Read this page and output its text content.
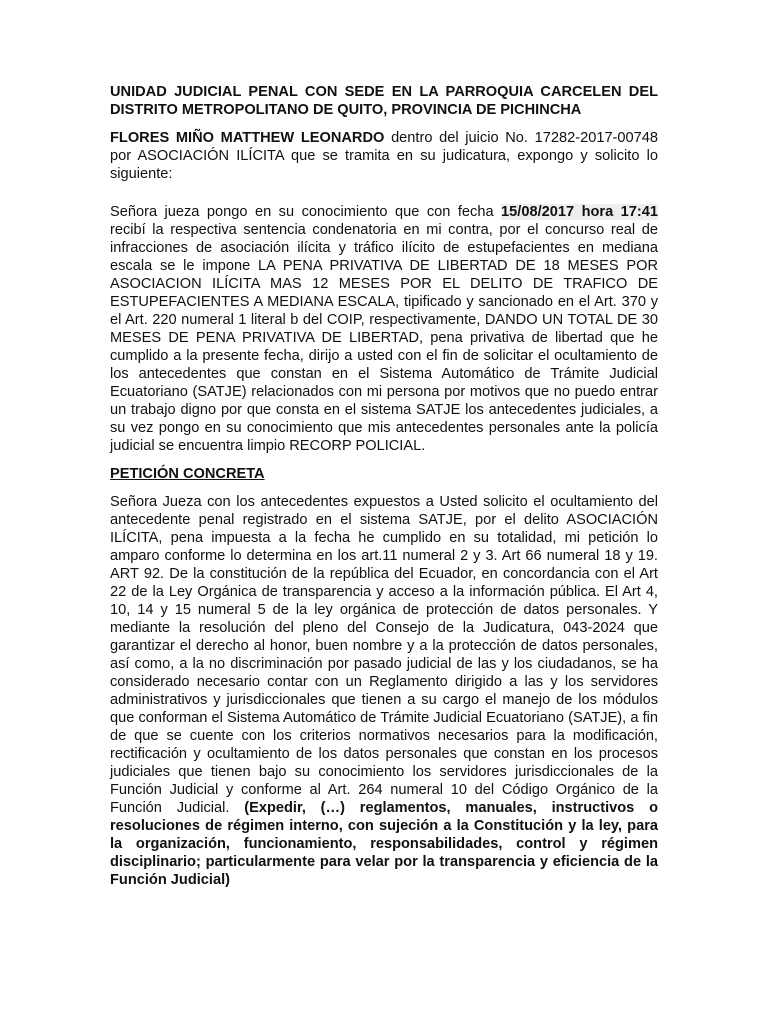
UNIDAD JUDICIAL PENAL CON SEDE EN LA PARROQUIA CARCELEN DEL DISTRITO METROPOLITANO DE QUITO, PROVINCIA DE PICHINCHA

FLORES MIÑO MATTHEW LEONARDO dentro del juicio No. 17282-2017-00748 por ASOCIACIÓN ILÍCITA que se tramita en su judicatura, expongo y solicito lo siguiente:

Señora jueza pongo en su conocimiento que con fecha 15/08/2017 hora 17:41 recibí la respectiva sentencia condenatoria en mi contra, por el concurso real de infracciones de asociación ilícita y tráfico ilícito de estupefacientes en mediana escala se le impone LA PENA PRIVATIVA DE LIBERTAD DE 18 MESES POR ASOCIACION ILÍCITA MAS 12 MESES POR EL DELITO DE TRAFICO DE ESTUPEFACIENTES A MEDIANA ESCALA, tipificado y sancionado en el Art. 370 y el Art. 220 numeral 1 literal b del COIP, respectivamente, DANDO UN TOTAL DE 30 MESES DE PENA PRIVATIVA DE LIBERTAD, pena privativa de libertad que he cumplido a la presente fecha, dirijo a usted con el fin de solicitar el ocultamiento de los antecedentes que constan en el Sistema Automático de Trámite Judicial Ecuatoriano (SATJE) relacionados con mi persona por motivos que no puedo entrar un trabajo digno por que consta en el sistema SATJE los antecedentes judiciales, a su vez pongo en su conocimiento que mis antecedentes personales ante la policía judicial se encuentra limpio RECORP POLICIAL.

PETICIÓN CONCRETA

Señora Jueza con los antecedentes expuestos a Usted solicito el ocultamiento del antecedente penal registrado en el sistema SATJE, por el delito ASOCIACIÓN ILÍCITA, pena impuesta a la fecha he cumplido en su totalidad, mi petición lo amparo conforme lo determina en los art.11 numeral 2 y 3. Art 66 numeral 18 y 19. ART 92. De la constitución de la república del Ecuador, en concordancia con el Art 22 de la Ley Orgánica de transparencia y acceso a la información pública. El Art 4, 10, 14 y 15 numeral 5 de la ley orgánica de protección de datos personales. Y mediante la resolución del pleno del Consejo de la Judicatura, 043-2024 que garantizar el derecho al honor, buen nombre y a la protección de datos personales, así como, a la no discriminación por pasado judicial de las y los ciudadanos, se ha considerado necesario contar con un Reglamento dirigido a las y los servidores administrativos y jurisdiccionales que tienen a su cargo el manejo de los módulos que conforman el Sistema Automático de Trámite Judicial Ecuatoriano (SATJE), a fin de que se cuente con los criterios normativos necesarios para la modificación, rectificación y ocultamiento de los datos personales que constan en los procesos judiciales que tienen bajo su conocimiento los servidores jurisdiccionales de la Función Judicial y conforme al Art. 264 numeral 10 del Código Orgánico de la Función Judicial. (Expedir, (…) reglamentos, manuales, instructivos o resoluciones de régimen interno, con sujeción a la Constitución y la ley, para la organización, funcionamiento, responsabilidades, control y régimen disciplinario; particularmente para velar por la transparencia y eficiencia de la Función Judicial)
